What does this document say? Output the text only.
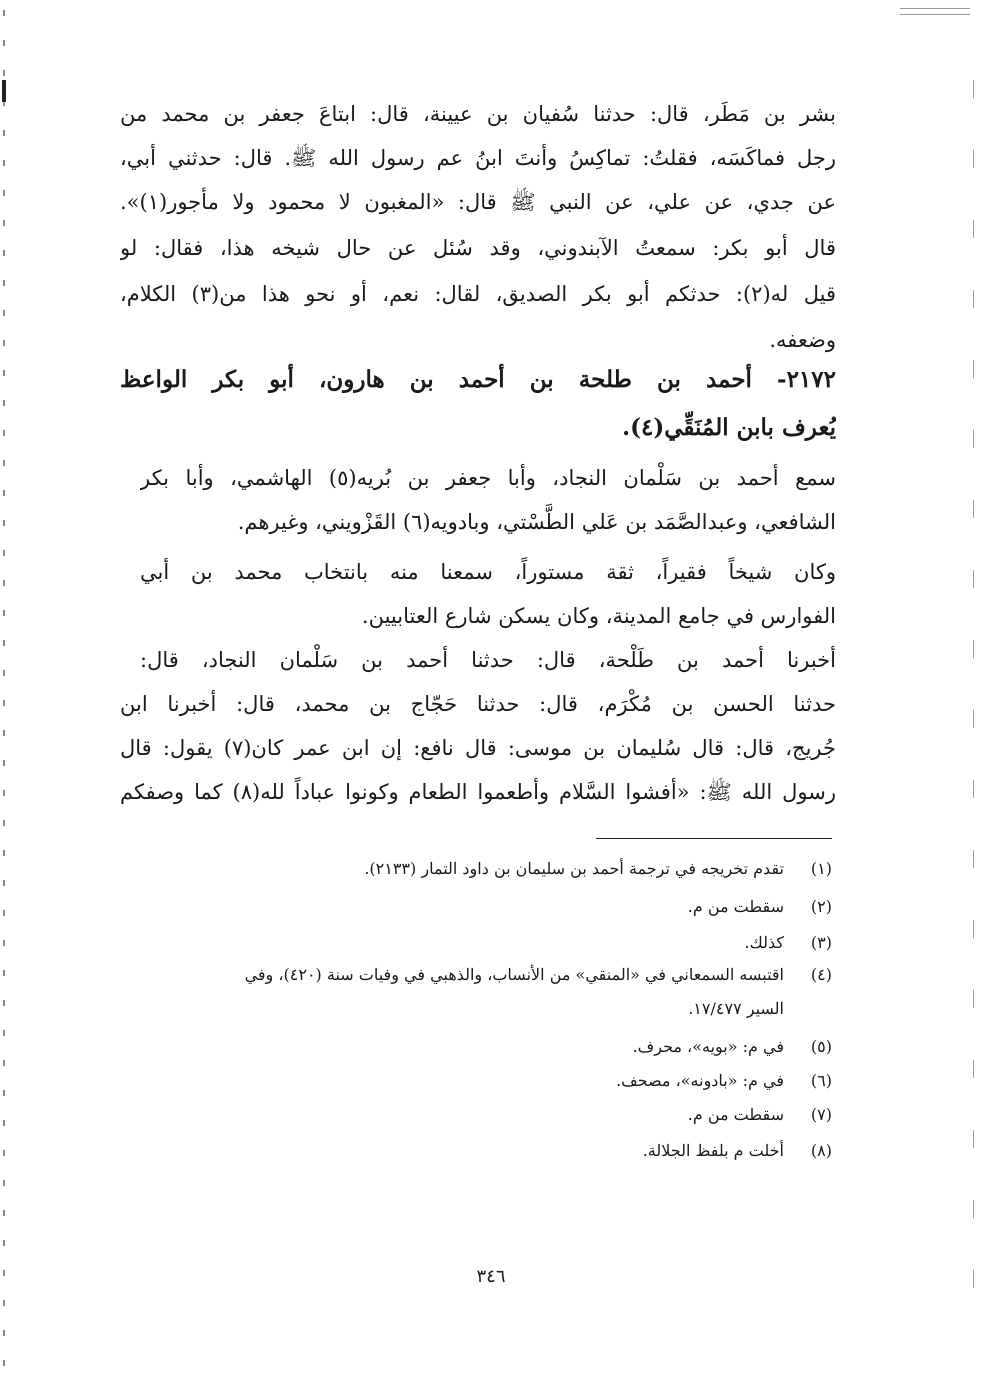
بشر بن مَطَر، قال: حدثنا سُفيان بن عيينة، قال: ابتاعَ جعفر بن محمد من
رجل فماكَسَه، فقلتُ: تماكِسُ وأنتَ ابنُ عم رسول الله ﷺ. قال: حدثني أبي،
عن جدي، عن علي، عن النبي ﷺ قال: «المغبون لا محمود ولا مأجور(١)».
قال أبو بكر: سمعتُ الآبندوني، وقد سُئل عن حال شيخه هذا، فقال: لو
قيل له(٢): حدثكم أبو بكر الصديق، لقال: نعم، أو نحو هذا من(٣) الكلام،
وضعفه.
٢١٧٢- أحمد بن طلحة بن أحمد بن هارون، أبو بكر الواعظ
يُعرف بابن المُنَقِّي(٤).
سمع أحمد بن سَلْمان النجاد، وأبا جعفر بن بُريه(٥) الهاشمي، وأبا بكر
الشافعي، وعبدالصَّمَد بن عَلي الطَّسْتي، وبادويه(٦) القَزْويني، وغيرهم.
وكان شيخاً فقيراً، ثقة مستوراً، سمعنا منه بانتخاب محمد بن أبي
الفوارس في جامع المدينة، وكان يسكن شارع العتابيين.
أخبرنا أحمد بن طَلْحة، قال: حدثنا أحمد بن سَلْمان النجاد، قال:
حدثنا الحسن بن مُكْرَم، قال: حدثنا حَجّاج بن محمد، قال: أخبرنا ابن
جُريج، قال: قال سُليمان بن موسى: قال نافع: إن ابن عمر كان(٧) يقول: قال
رسول الله ﷺ: «أفشوا السَّلام وأطعموا الطعام وكونوا عباداً لله(٨) كما وصفكم
(١)تقدم تخريجه في ترجمة أحمد بن سليمان بن داود التمار (٢١٣٣).
(٢)سقطت من م.
(٣)كذلك.
(٤)اقتبسه السمعاني في «المنقي» من الأنساب، والذهبي في وفيات سنة (٤٢٠)، وفي
السير ١٧/٤٧٧.
(٥)في م: «بويه»، محرف.
(٦)في م: «بادونه»، مصحف.
(٧)سقطت من م.
(٨)أخلت م بلفظ الجلالة.
٣٤٦
